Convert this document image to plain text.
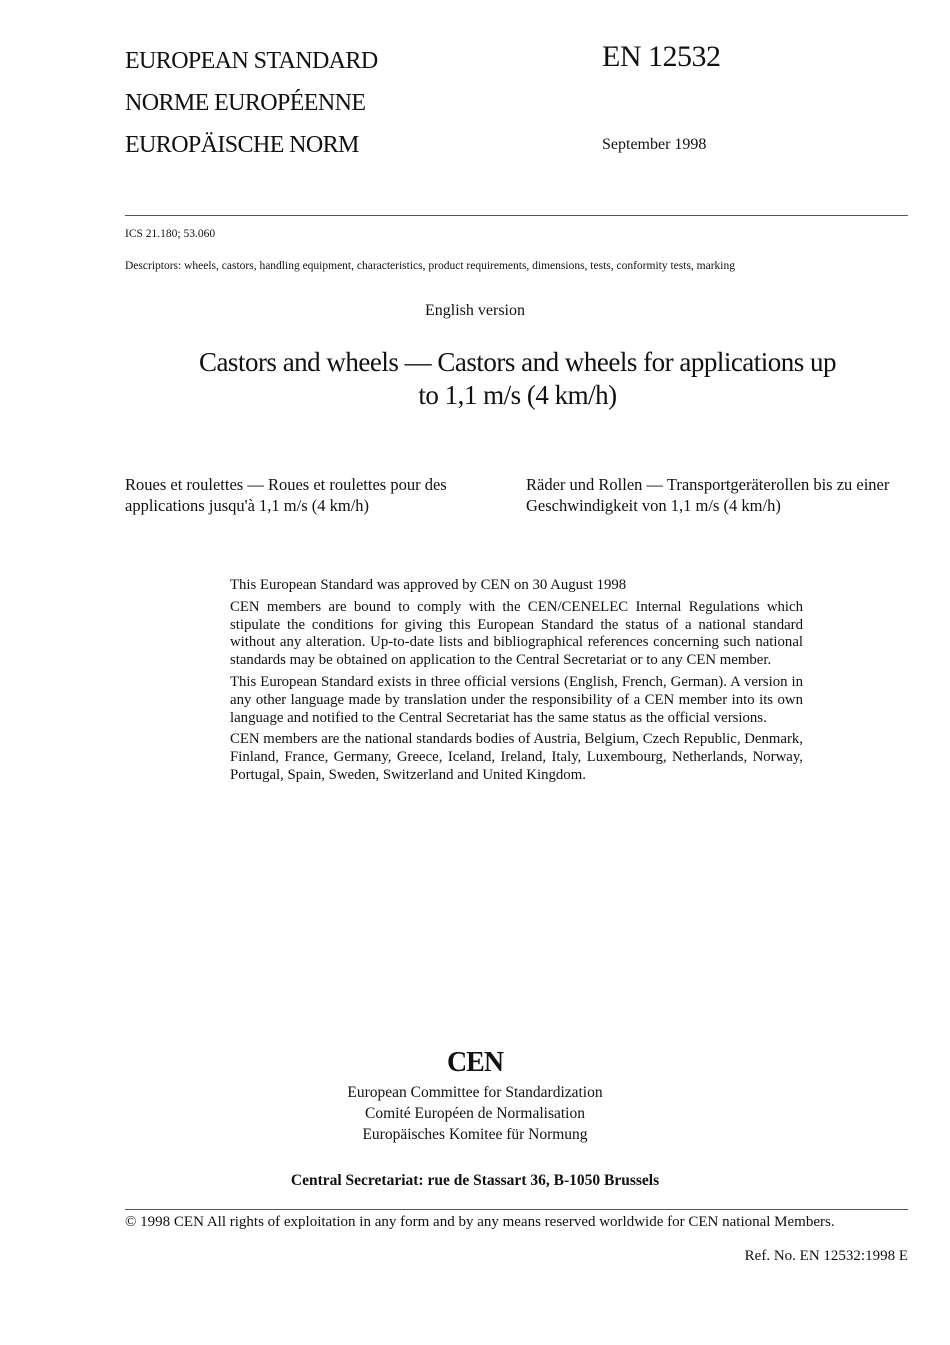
EUROPEAN STANDARD
NORME EUROPÉENNE
EUROPÄISCHE NORM
EN 12532
September 1998
ICS 21.180; 53.060
Descriptors: wheels, castors, handling equipment, characteristics, product requirements, dimensions, tests, conformity tests, marking
English version
Castors and wheels — Castors and wheels for applications up
to 1,1 m/s (4 km/h)
Roues et roulettes — Roues et roulettes pour des applications jusqu'à 1,1 m/s (4 km/h)
Räder und Rollen — Transportgeräterollen bis zu einer Geschwindigkeit von 1,1 m/s (4 km/h)

This European Standard was approved by CEN on 30 August 1998

CEN members are bound to comply with the CEN/CENELEC Internal Regulations which stipulate the conditions for giving this European Standard the status of a national standard without any alteration. Up-to-date lists and bibliographical references concerning such national standards may be obtained on application to the Central Secretariat or to any CEN member.

This European Standard exists in three official versions (English, French, German). A version in any other language made by translation under the responsibility of a CEN member into its own language and notified to the Central Secretariat has the same status as the official versions.

CEN members are the national standards bodies of Austria, Belgium, Czech Republic, Denmark, Finland, France, Germany, Greece, Iceland, Ireland, Italy, Luxembourg, Netherlands, Norway, Portugal, Spain, Sweden, Switzerland and United Kingdom.

CEN
European Committee for Standardization
Comité Européen de Normalisation
Europäisches Komitee für Normung
Central Secretariat: rue de Stassart 36, B-1050 Brussels
© 1998 CEN All rights of exploitation in any form and by any means reserved worldwide for CEN national Members.
Ref. No. EN 12532:1998 E
